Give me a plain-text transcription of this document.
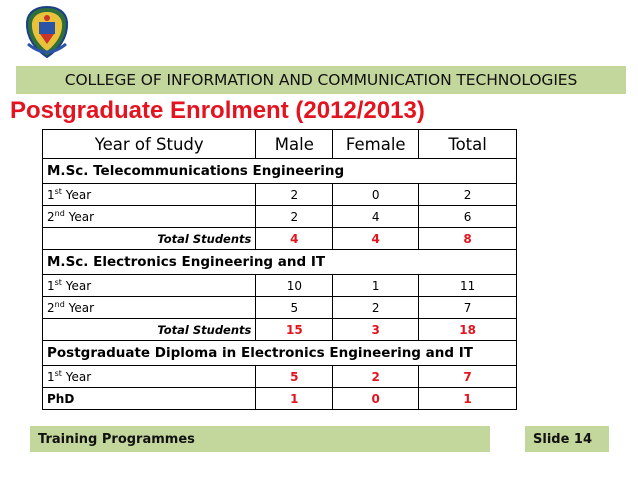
COLLEGE OF INFORMATION AND COMMUNICATION TECHNOLOGIES
Postgraduate Enrolment (2012/2013)
Year of Study	Male	Female	Total
M.Sc. Telecommunications Engineering			
1st Year	2	0	2
2nd Year	2	4	6
Total Students	4	4	8
M.Sc. Electronics Engineering and IT			
1st Year	10	1	11
2nd Year	5	2	7
Total Students	15	3	18
Postgraduate Diploma in Electronics Engineering and IT			
1st Year	5	2	7
PhD	1	0	1
Training Programmes	Slide 14
